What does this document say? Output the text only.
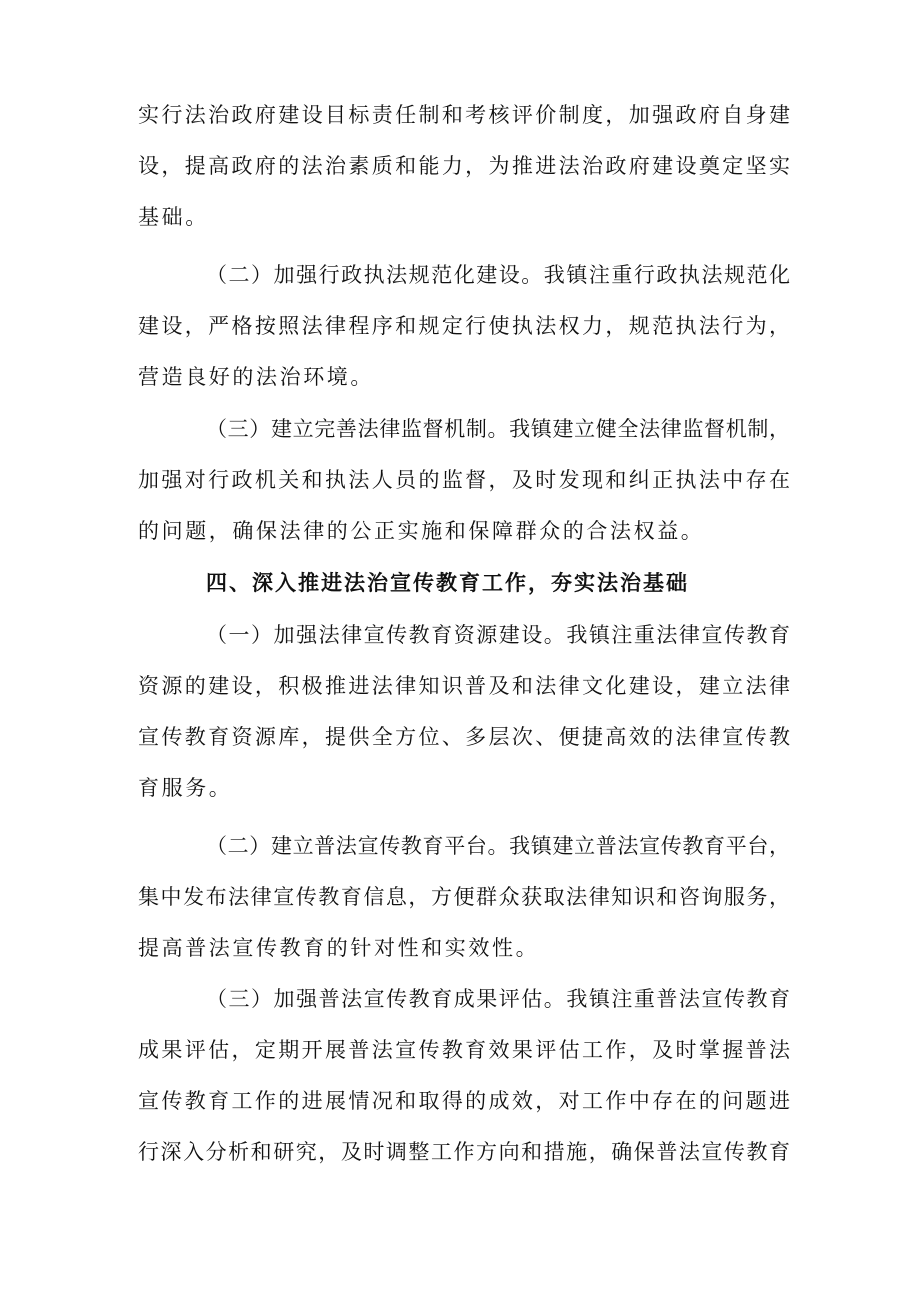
实行法治政府建设目标责任制和考核评价制度，加强政府自身建
设，提高政府的法治素质和能力，为推进法治政府建设奠定坚实
基础。
（二）加强行政执法规范化建设。我镇注重行政执法规范化
建设，严格按照法律程序和规定行使执法权力，规范执法行为，
营造良好的法治环境。
（三）建立完善法律监督机制。我镇建立健全法律监督机制，
加强对行政机关和执法人员的监督，及时发现和纠正执法中存在
的问题，确保法律的公正实施和保障群众的合法权益。
四、深入推进法治宣传教育工作，夯实法治基础
（一）加强法律宣传教育资源建设。我镇注重法律宣传教育
资源的建设，积极推进法律知识普及和法律文化建设，建立法律
宣传教育资源库，提供全方位、多层次、便捷高效的法律宣传教
育服务。
（二）建立普法宣传教育平台。我镇建立普法宣传教育平台，
集中发布法律宣传教育信息，方便群众获取法律知识和咨询服务，
提高普法宣传教育的针对性和实效性。
（三）加强普法宣传教育成果评估。我镇注重普法宣传教育
成果评估，定期开展普法宣传教育效果评估工作，及时掌握普法
宣传教育工作的进展情况和取得的成效，对工作中存在的问题进
行深入分析和研究，及时调整工作方向和措施，确保普法宣传教育
